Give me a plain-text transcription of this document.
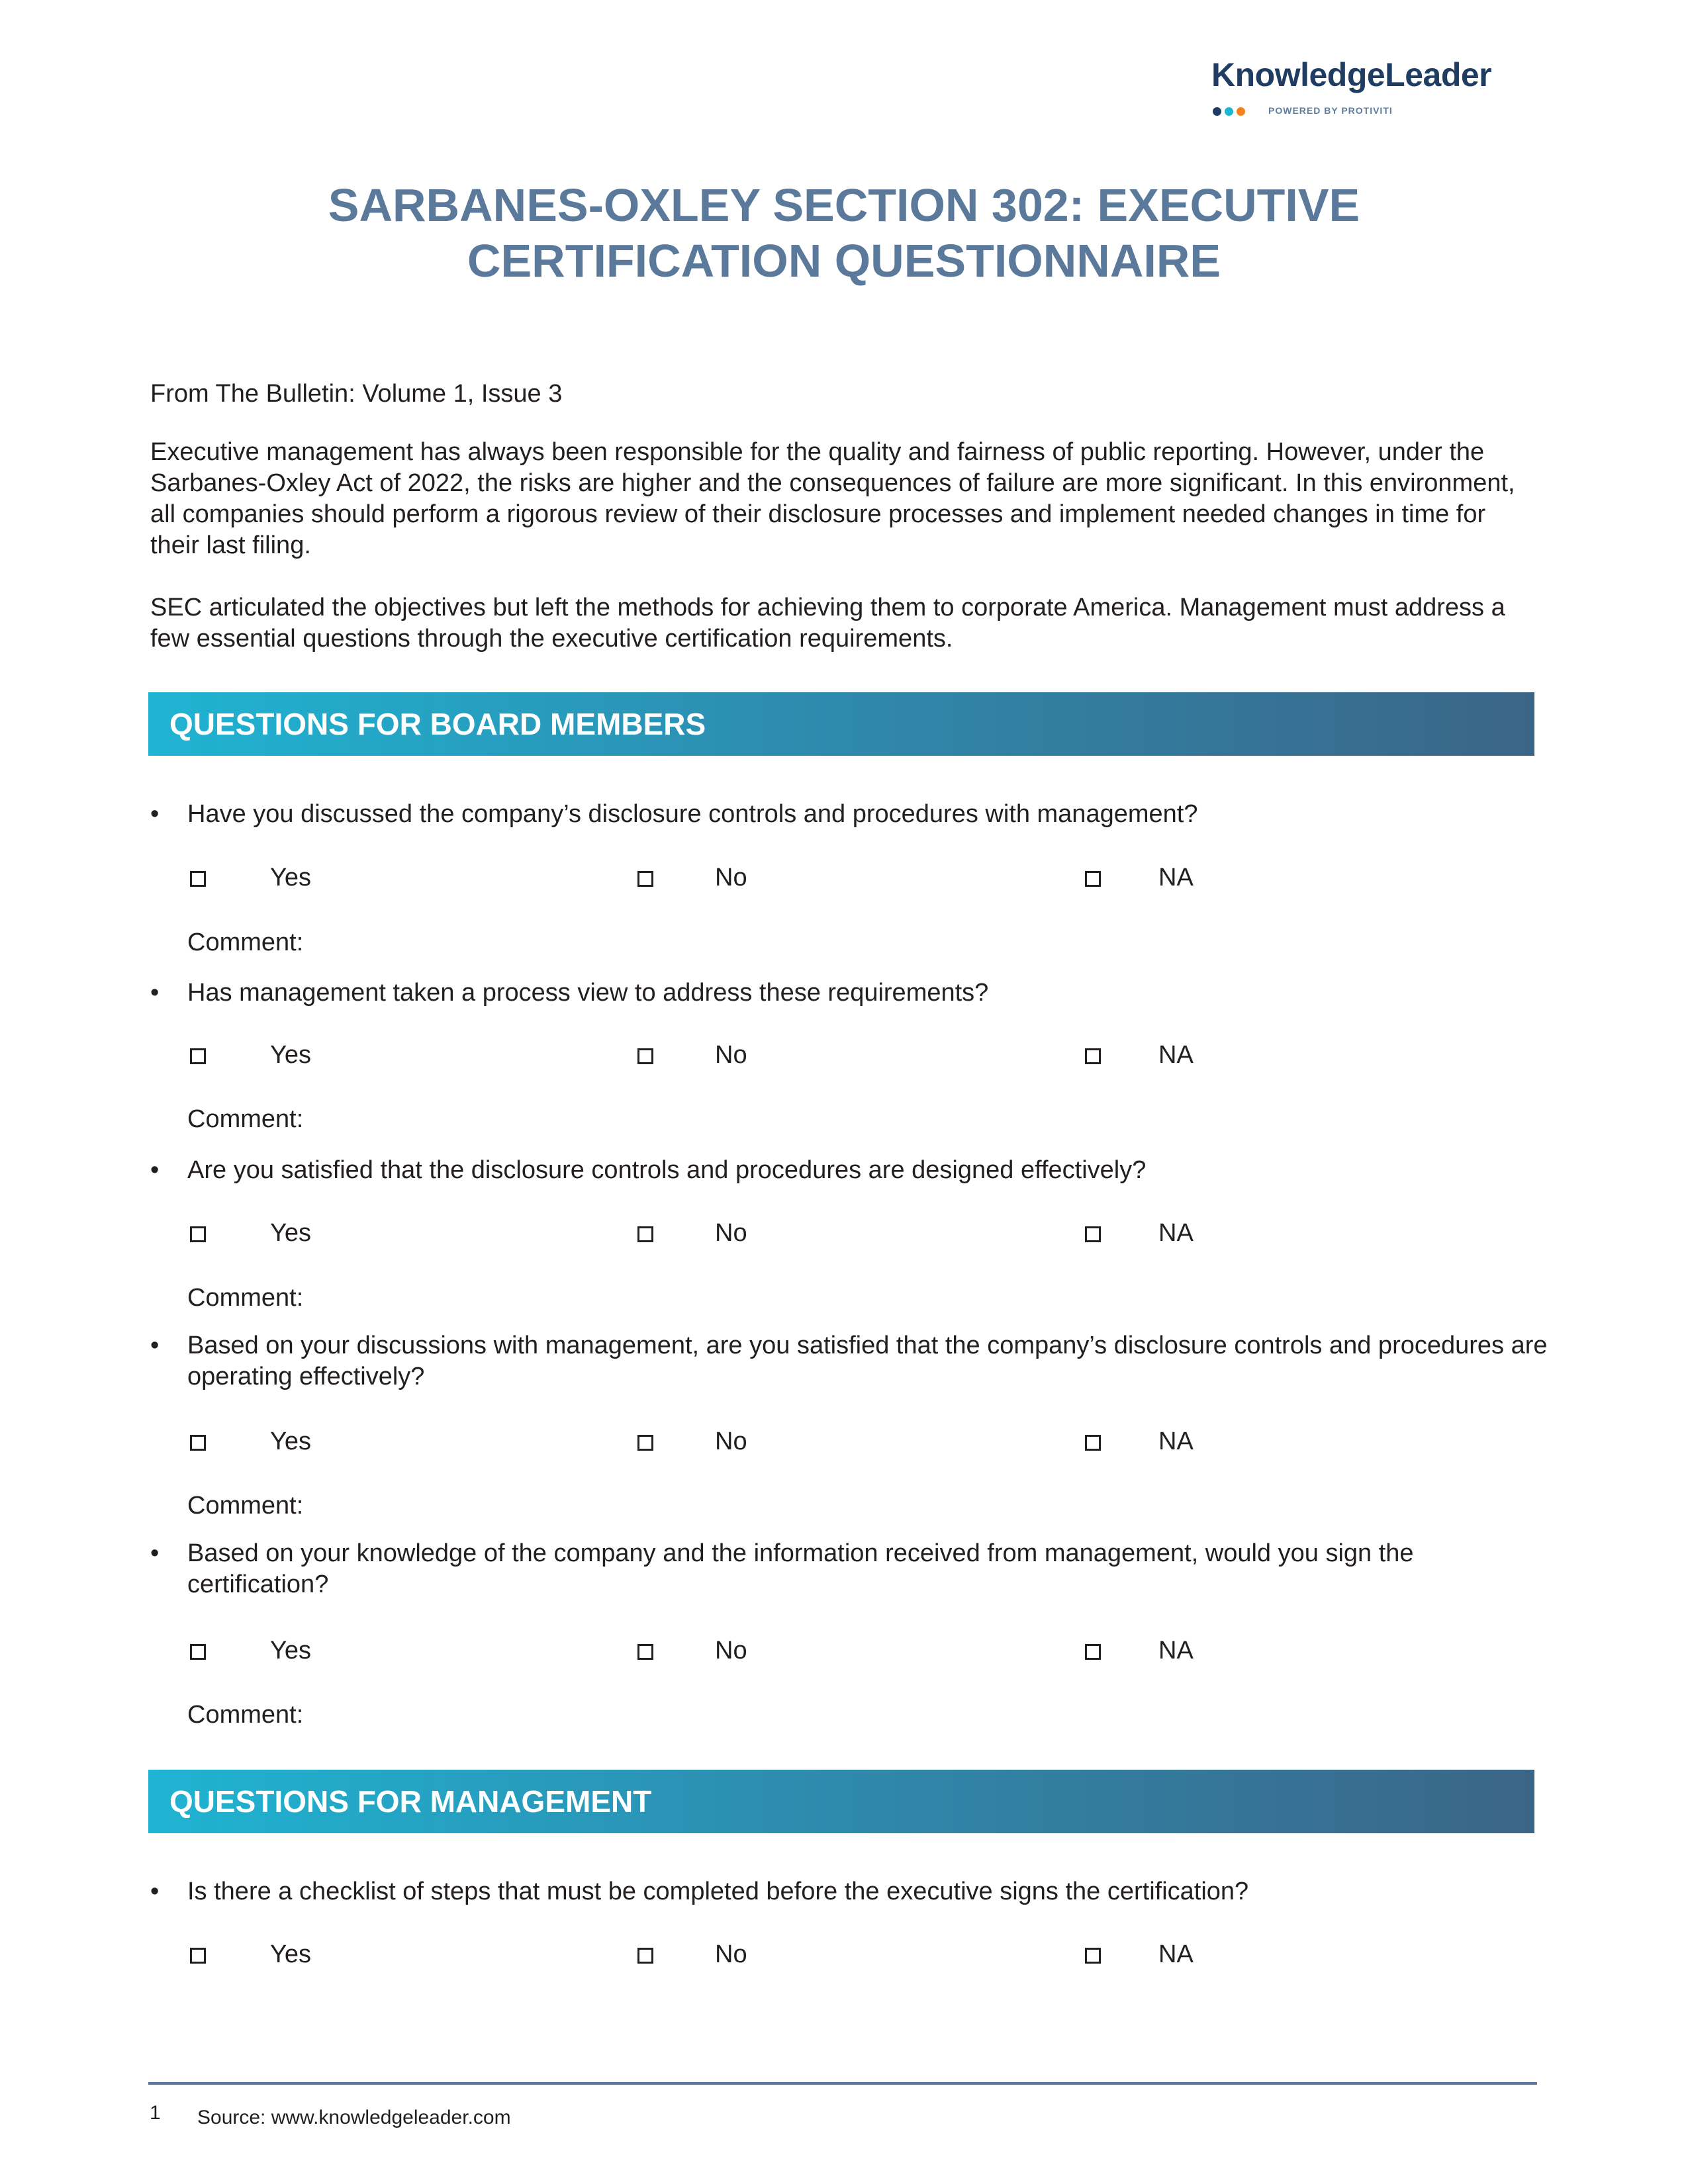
KnowledgeLeader
POWERED BY PROTIVITI
SARBANES-OXLEY SECTION 302: EXECUTIVE
CERTIFICATION QUESTIONNAIRE
From The Bulletin: Volume 1, Issue 3
Executive management has always been responsible for the quality and fairness of public reporting. However, under the Sarbanes-Oxley Act of 2022, the risks are higher and the consequences of failure are more significant. In this environment, all companies should perform a rigorous review of their disclosure processes and implement needed changes in time for their last filing.
SEC articulated the objectives but left the methods for achieving them to corporate America. Management must address a few essential questions through the executive certification requirements.
QUESTIONS FOR BOARD MEMBERS
• Have you discussed the company’s disclosure controls and procedures with management?
Yes	No	NA
Comment:
• Has management taken a process view to address these requirements?
Yes	No	NA
Comment:
• Are you satisfied that the disclosure controls and procedures are designed effectively?
Yes	No	NA
Comment:
• Based on your discussions with management, are you satisfied that the company’s disclosure controls and procedures are operating effectively?
Yes	No	NA
Comment:
• Based on your knowledge of the company and the information received from management, would you sign the certification?
Yes	No	NA
Comment:
QUESTIONS FOR MANAGEMENT
• Is there a checklist of steps that must be completed before the executive signs the certification?
Yes	No	NA
1 Source: www.knowledgeleader.com
